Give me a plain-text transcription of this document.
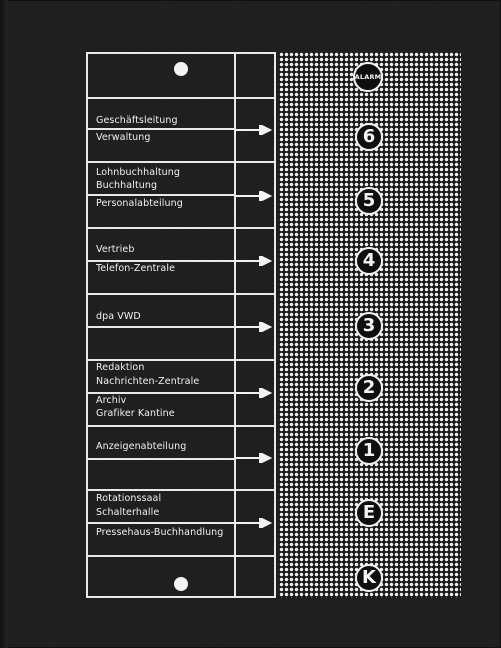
Geschäftsleitung
Verwaltung
Lohnbuchhaltung
Buchhaltung
Personalabteilung
Vertrieb
Telefon-Zentrale
dpa VWD
Redaktion
Nachrichten-Zentrale
Archiv
Grafiker Kantine
Anzeigenabteilung
Rotationssaal
Schalterhalle
Pressehaus-Buchhandlung
ALARM
6
5
4
3
2
1
E
K
